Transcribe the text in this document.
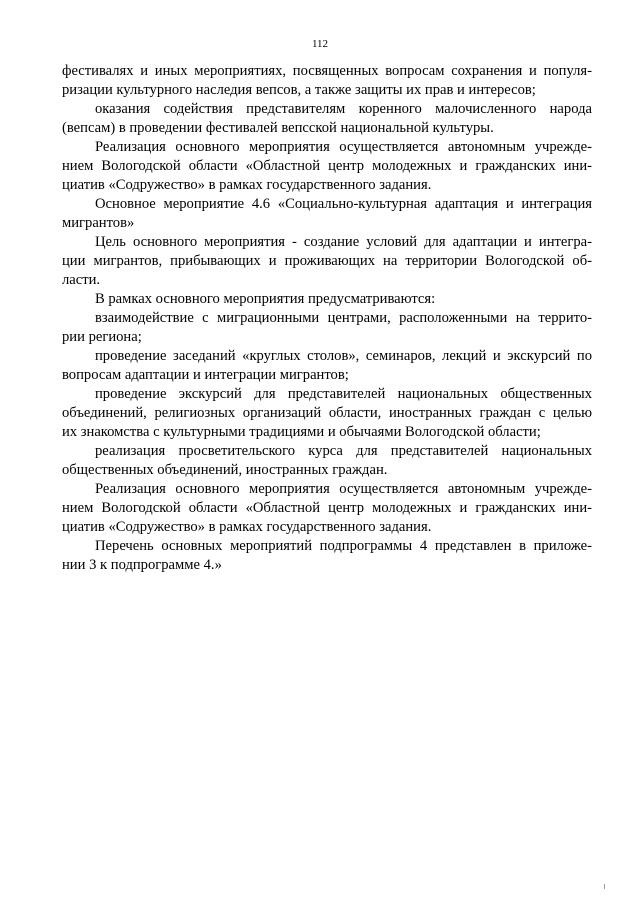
112
фестивалях и иных мероприятиях, посвященных вопросам сохранения и популя-
ризации культурного наследия вепсов, а также защиты их прав и интересов;
оказания содействия представителям коренного малочисленного народа
(вепсам) в проведении фестивалей вепсской национальной культуры.
Реализация основного мероприятия осуществляется автономным учрежде-
нием Вологодской области «Областной центр молодежных и гражданских ини-
циатив «Содружество» в рамках государственного задания.
Основное мероприятие 4.6 «Социально-культурная адаптация и интеграция
мигрантов»
Цель основного мероприятия - создание условий для адаптации и интегра-
ции мигрантов, прибывающих и проживающих на территории Вологодской об-
ласти.
В рамках основного мероприятия предусматриваются:
взаимодействие с миграционными центрами, расположенными на террито-
рии региона;
проведение заседаний «круглых столов», семинаров, лекций и экскурсий по
вопросам адаптации и интеграции мигрантов;
проведение экскурсий для представителей национальных общественных
объединений, религиозных организаций области, иностранных граждан с целью
их знакомства с культурными традициями и обычаями Вологодской области;
реализация просветительского курса для представителей национальных
общественных объединений, иностранных граждан.
Реализация основного мероприятия осуществляется автономным учрежде-
нием Вологодской области «Областной центр молодежных и гражданских ини-
циатив «Содружество» в рамках государственного задания.
Перечень основных мероприятий подпрограммы 4 представлен в приложе-
нии 3 к подпрограмме 4.»
